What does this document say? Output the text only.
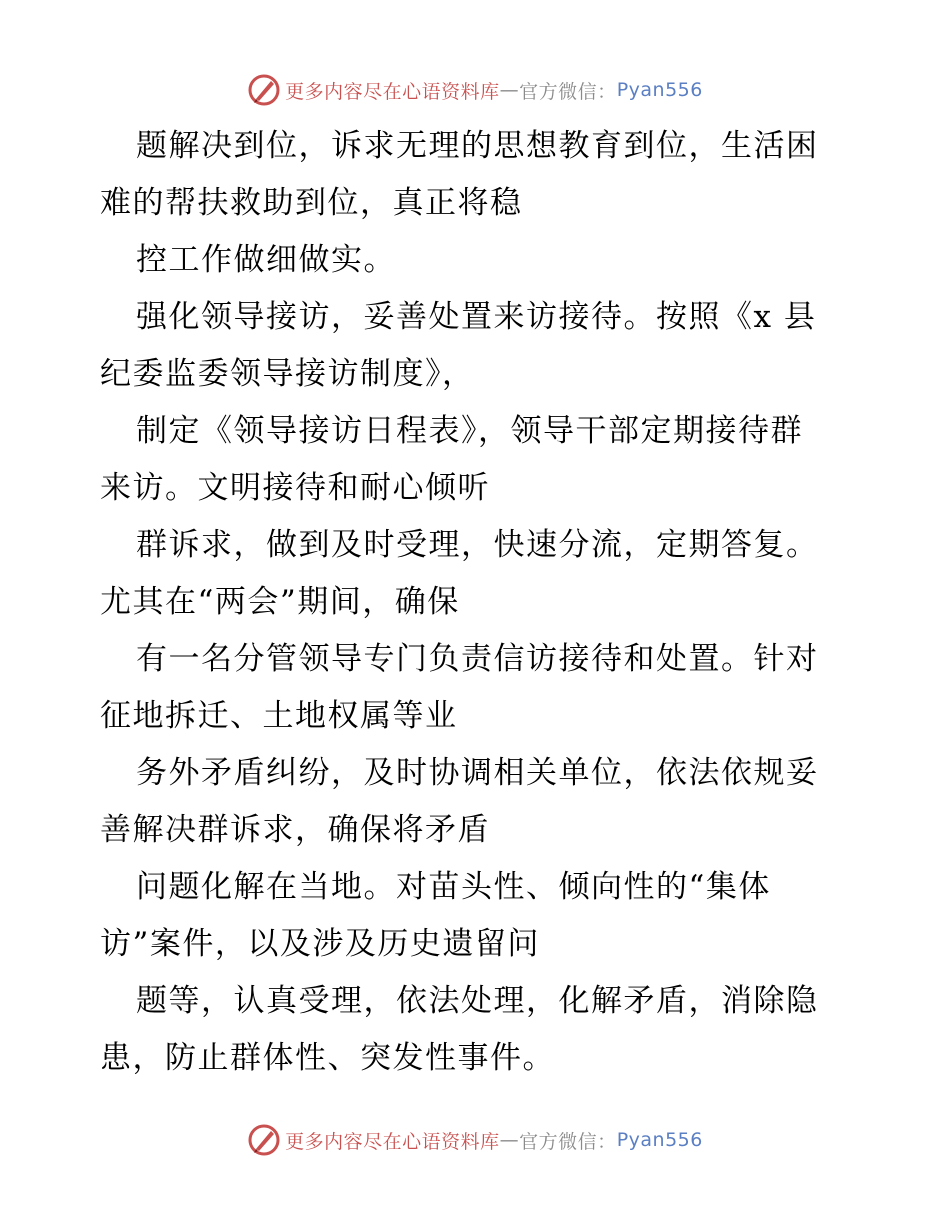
更多内容尽在心语资料库 — 官方微信： Pyan556
题解决到位，诉求无理的思想教育到位，生活困
难的帮扶救助到位，真正将稳
控工作做细做实。
强化领导接访，妥善处置来访接待。按照《x 县
纪委监委领导接访制度》，
制定《领导接访日程表》，领导干部定期接待群
来访。文明接待和耐心倾听
群诉求，做到及时受理，快速分流，定期答复。
尤其在“两会”期间，确保
有一名分管领导专门负责信访接待和处置。针对
征地拆迁、土地权属等业
务外矛盾纠纷，及时协调相关单位，依法依规妥
善解决群诉求，确保将矛盾
问题化解在当地。对苗头性、倾向性的“集体
访”案件，以及涉及历史遗留问
题等，认真受理，依法处理，化解矛盾，消除隐
患，防止群体性、突发性事件。
更多内容尽在心语资料库 — 官方微信： Pyan556
